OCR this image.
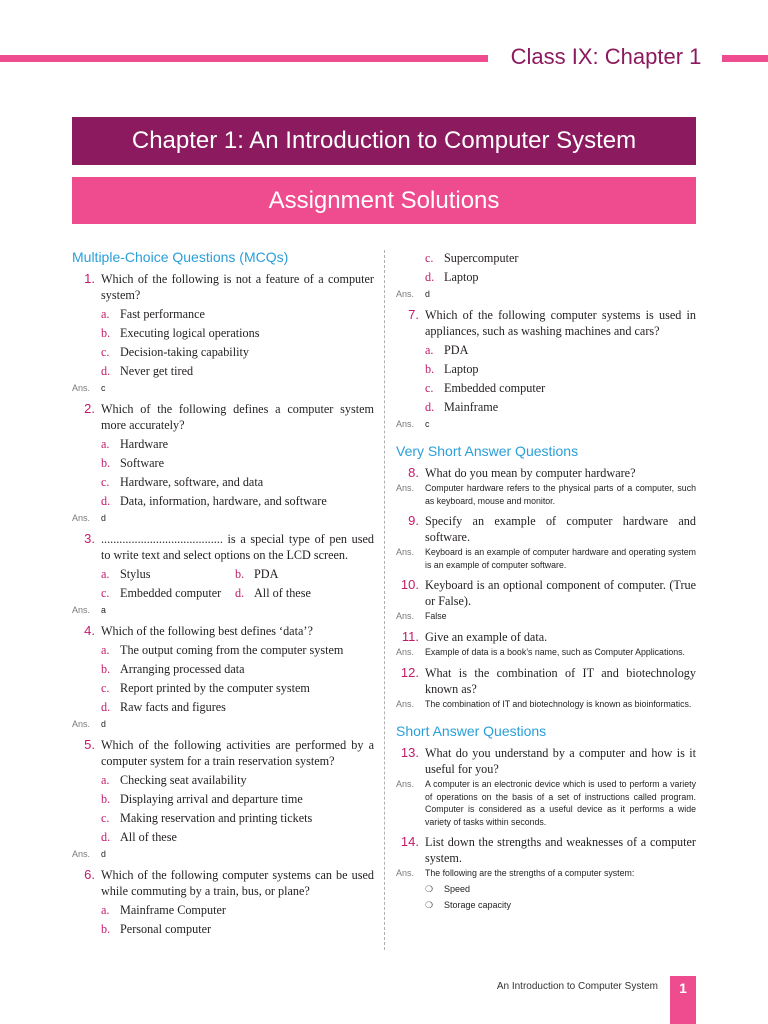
Class IX: Chapter 1
Chapter 1: An Introduction to Computer System
Assignment Solutions
Multiple-Choice Questions (MCQs)
1. Which of the following is not a feature of a computer system?
a. Fast performance
b. Executing logical operations
c. Decision-taking capability
d. Never get tired
Ans.	c
2. Which of the following defines a computer system more accurately?
a. Hardware
b. Software
c. Hardware, software, and data
d. Data, information, hardware, and software
Ans.	d
3. ........................................ is a special type of pen used to write text and select options on the LCD screen.
a. Stylus	b. PDA
c. Embedded computer d. All of these
Ans.	a
4. Which of the following best defines ‘data’?
a. The output coming from the computer system
b. Arranging processed data
c. Report printed by the computer system
d. Raw facts and figures
Ans.	d
5. Which of the following activities are performed by a computer system for a train reservation system?
a. Checking seat availability
b. Displaying arrival and departure time
c. Making reservation and printing tickets
d. All of these
Ans.	d
6. Which of the following computer systems can be used while commuting by a train, bus, or plane?
a. Mainframe Computer
b. Personal computer
c. Supercomputer
d. Laptop
Ans.	d
7. Which of the following computer systems is used in appliances, such as washing machines and cars?
a. PDA
b. Laptop
c. Embedded computer
d. Mainframe
Ans.	c
Very Short Answer Questions
8. What do you mean by computer hardware?
Ans.	Computer hardware refers to the physical parts of a computer, such as keyboard, mouse and monitor.
9. Specify an example of computer hardware and software.
Ans.	Keyboard is an example of computer hardware and operating system is an example of computer software.
10. Keyboard is an optional component of computer. (True or False).
Ans.	False
11. Give an example of data.
Ans.	Example of data is a book’s name, such as Computer Applications.
12. What is the combination of IT and biotechnology known as?
Ans.	The combination of IT and biotechnology is known as bioinformatics.
Short Answer Questions
13. What do you understand by a computer and how is it useful for you?
Ans.	A computer is an electronic device which is used to perform a variety of operations on the basis of a set of instructions called program. Computer is considered as a useful device as it performs a wide variety of tasks within seconds.
14. List down the strengths and weaknesses of a computer system.
Ans.	The following are the strengths of a computer system:
❍	Speed
❍	Storage capacity
An Introduction to Computer System	1
